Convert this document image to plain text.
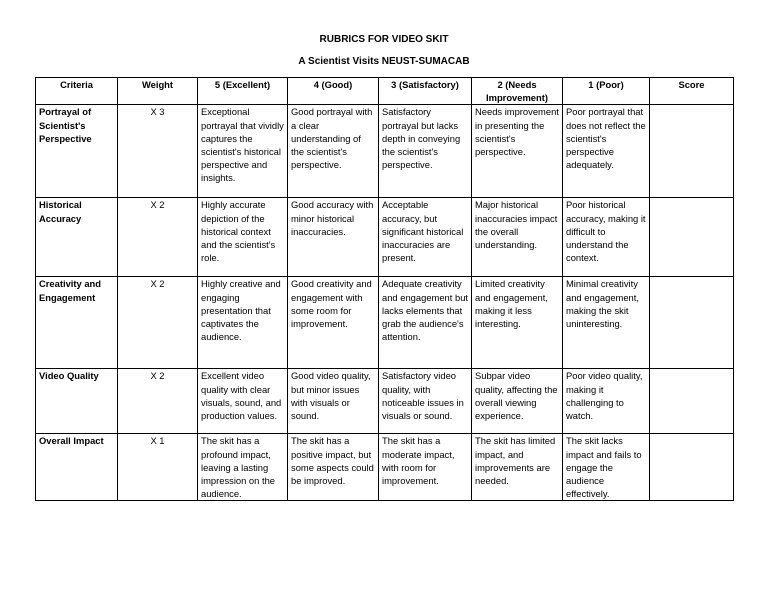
RUBRICS FOR VIDEO SKIT
A Scientist Visits NEUST-SUMACAB
Criteria	Weight	5 (Excellent)	4 (Good)	3 (Satisfactory)	2 (Needs Improvement)	1 (Poor)	Score
Portrayal of Scientist's Perspective	X 3	Exceptional portrayal that vividly captures the scientist's historical perspective and insights.	Good portrayal with a clear understanding of the scientist's perspective.	Satisfactory portrayal but lacks depth in conveying the scientist's perspective.	Needs improvement in presenting the scientist's perspective.	Poor portrayal that does not reflect the scientist's perspective adequately.	
Historical Accuracy	X 2	Highly accurate depiction of the historical context and the scientist's role.	Good accuracy with minor historical inaccuracies.	Acceptable accuracy, but significant historical inaccuracies are present.	Major historical inaccuracies impact the overall understanding.	Poor historical accuracy, making it difficult to understand the context.	
Creativity and Engagement	X 2	Highly creative and engaging presentation that captivates the audience.	Good creativity and engagement with some room for improvement.	Adequate creativity and engagement but lacks elements that grab the audience's attention.	Limited creativity and engagement, making it less interesting.	Minimal creativity and engagement, making the skit uninteresting.	
Video Quality	X 2	Excellent video quality with clear visuals, sound, and production values.	Good video quality, but minor issues with visuals or sound.	Satisfactory video quality, with noticeable issues in visuals or sound.	Subpar video quality, affecting the overall viewing experience.	Poor video quality, making it challenging to watch.	
Overall Impact	X 1	The skit has a profound impact, leaving a lasting impression on the audience.	The skit has a positive impact, but some aspects could be improved.	The skit has a moderate impact, with room for improvement.	The skit has limited impact, and improvements are needed.	The skit lacks impact and fails to engage the audience effectively.	
